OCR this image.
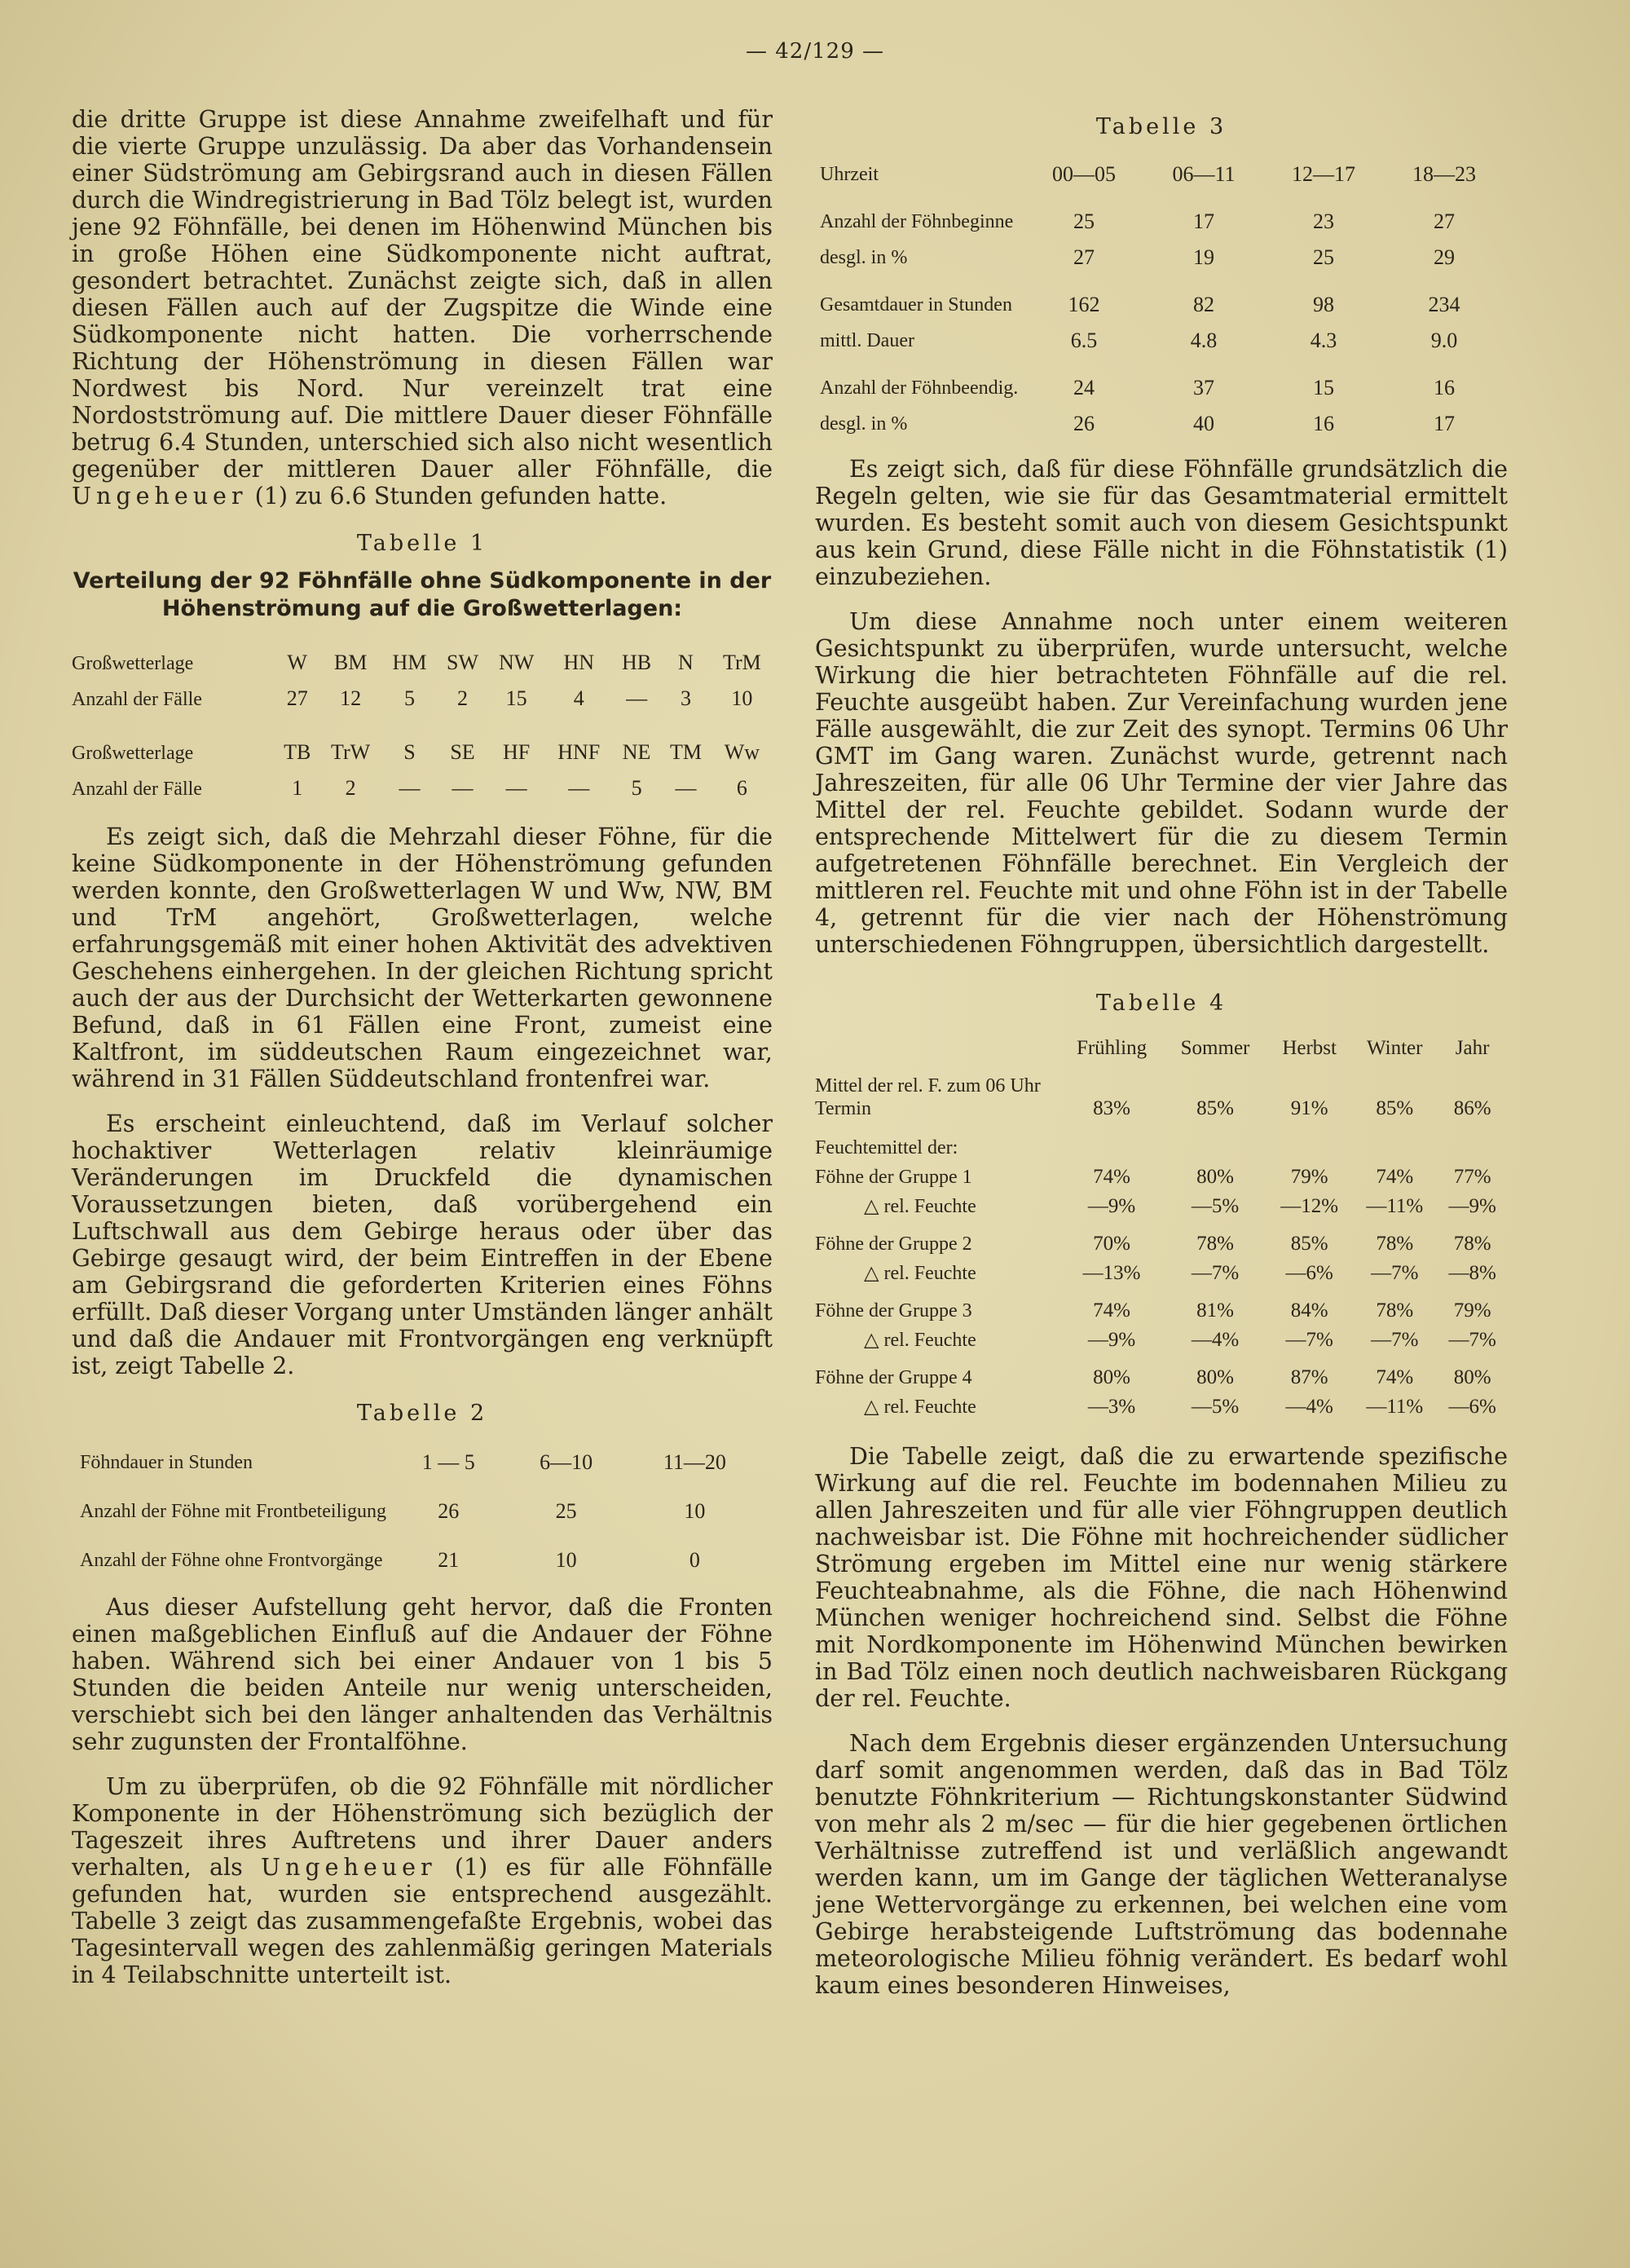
— 42/129 —

die dritte Gruppe ist diese Annahme zweifelhaft und für die vierte Gruppe unzulässig. Da aber das Vorhandensein einer Südströmung am Gebirgsrand auch in diesen Fällen durch die Windregistrierung in Bad Tölz belegt ist, wurden jene 92 Föhnfälle, bei denen im Höhenwind München bis in große Höhen eine Südkomponente nicht auftrat, gesondert betrachtet. Zunächst zeigte sich, daß in allen diesen Fällen auch auf der Zugspitze die Winde eine Südkomponente nicht hatten. Die vorherrschende Richtung der Höhenströmung in diesen Fällen war Nordwest bis Nord. Nur vereinzelt trat eine Nordostströmung auf. Die mittlere Dauer dieser Föhnfälle betrug 6.4 Stunden, unterschied sich also nicht wesentlich gegenüber der mittleren Dauer aller Föhnfälle, die Ungeheuer (1) zu 6.6 Stunden gefunden hatte.

Tabelle 1
Verteilung der 92 Föhnfälle ohne Südkomponente in der Höhenströmung auf die Großwetterlagen:
Großwetterlage	W	BM	HM	SW	NW	HN	HB	N	TrM
Anzahl der Fälle	27	12	5	2	15	4	—	3	10

Großwetterlage	TB	TrW	S	SE	HF	HNF	NE	TM	Ww
Anzahl der Fälle	1	2	—	—	—	—	5	—	6

Es zeigt sich, daß die Mehrzahl dieser Föhne, für die keine Südkomponente in der Höhenströmung gefunden werden konnte, den Großwetterlagen W und Ww, NW, BM und TrM angehört, Großwetterlagen, welche erfahrungsgemäß mit einer hohen Aktivität des advektiven Geschehens einhergehen. In der gleichen Richtung spricht auch der aus der Durchsicht der Wetterkarten gewonnene Befund, daß in 61 Fällen eine Front, zumeist eine Kaltfront, im süddeutschen Raum eingezeichnet war, während in 31 Fällen Süddeutschland frontenfrei war.

Es erscheint einleuchtend, daß im Verlauf solcher hochaktiver Wetterlagen relativ kleinräumige Veränderungen im Druckfeld die dynamischen Voraussetzungen bieten, daß vorübergehend ein Luftschwall aus dem Gebirge heraus oder über das Gebirge gesaugt wird, der beim Eintreffen in der Ebene am Gebirgsrand die geforderten Kriterien eines Föhns erfüllt. Daß dieser Vorgang unter Umständen länger anhält und daß die Andauer mit Frontvorgängen eng verknüpft ist, zeigt Tabelle 2.

Tabelle 2
Föhndauer in Stunden	1 — 5	6—10	11—20
Anzahl der Föhne mit Frontbeteiligung	26	25	10
Anzahl der Föhne ohne Frontvorgänge	21	10	0

Aus dieser Aufstellung geht hervor, daß die Fronten einen maßgeblichen Einfluß auf die Andauer der Föhne haben. Während sich bei einer Andauer von 1 bis 5 Stunden die beiden Anteile nur wenig unterscheiden, verschiebt sich bei den länger anhaltenden das Verhältnis sehr zugunsten der Frontalföhne.

Um zu überprüfen, ob die 92 Föhnfälle mit nördlicher Komponente in der Höhenströmung sich bezüglich der Tageszeit ihres Auftretens und ihrer Dauer anders verhalten, als Ungeheuer (1) es für alle Föhnfälle gefunden hat, wurden sie entsprechend ausgezählt. Tabelle 3 zeigt das zusammengefaßte Ergebnis, wobei das Tagesintervall wegen des zahlenmäßig geringen Materials in 4 Teilabschnitte unterteilt ist.

Tabelle 3
Uhrzeit	00—05	06—11	12—17	18—23
Anzahl der Föhnbeginne	25	17	23	27
desgl. in %	27	19	25	29
Gesamtdauer in Stunden	162	82	98	234
mittl. Dauer	6.5	4.8	4.3	9.0
Anzahl der Föhnbeendig.	24	37	15	16
desgl. in %	26	40	16	17

Es zeigt sich, daß für diese Föhnfälle grundsätzlich die Regeln gelten, wie sie für das Gesamtmaterial ermittelt wurden. Es besteht somit auch von diesem Gesichtspunkt aus kein Grund, diese Fälle nicht in die Föhnstatistik (1) einzubeziehen.

Um diese Annahme noch unter einem weiteren Gesichtspunkt zu überprüfen, wurde untersucht, welche Wirkung die hier betrachteten Föhnfälle auf die rel. Feuchte ausgeübt haben. Zur Vereinfachung wurden jene Fälle ausgewählt, die zur Zeit des synopt. Termins 06 Uhr GMT im Gang waren. Zunächst wurde, getrennt nach Jahreszeiten, für alle 06 Uhr Termine der vier Jahre das Mittel der rel. Feuchte gebildet. Sodann wurde der entsprechende Mittelwert für die zu diesem Termin aufgetretenen Föhnfälle berechnet. Ein Vergleich der mittleren rel. Feuchte mit und ohne Föhn ist in der Tabelle 4, getrennt für die vier nach der Höhenströmung unterschiedenen Föhngruppen, übersichtlich dargestellt.

Tabelle 4
	Frühling	Sommer	Herbst	Winter	Jahr
Mittel der rel. F. zum 06 Uhr Termin	83%	85%	91%	85%	86%
Feuchtemittel der:					
Föhne der Gruppe 1	74%	80%	79%	74%	77%
△ rel. Feuchte	—9%	—5%	—12%	—11%	—9%
Föhne der Gruppe 2	70%	78%	85%	78%	78%
△ rel. Feuchte	—13%	—7%	—6%	—7%	—8%
Föhne der Gruppe 3	74%	81%	84%	78%	79%
△ rel. Feuchte	—9%	—4%	—7%	—7%	—7%
Föhne der Gruppe 4	80%	80%	87%	74%	80%
△ rel. Feuchte	—3%	—5%	—4%	—11%	—6%

Die Tabelle zeigt, daß die zu erwartende spezifische Wirkung auf die rel. Feuchte im bodennahen Milieu zu allen Jahreszeiten und für alle vier Föhngruppen deutlich nachweisbar ist. Die Föhne mit hochreichender südlicher Strömung ergeben im Mittel eine nur wenig stärkere Feuchteabnahme, als die Föhne, die nach Höhenwind München weniger hochreichend sind. Selbst die Föhne mit Nordkomponente im Höhenwind München bewirken in Bad Tölz einen noch deutlich nachweisbaren Rückgang der rel. Feuchte.

Nach dem Ergebnis dieser ergänzenden Untersuchung darf somit angenommen werden, daß das in Bad Tölz benutzte Föhnkriterium — Richtungskonstanter Südwind von mehr als 2 m/sec — für die hier gegebenen örtlichen Verhältnisse zutreffend ist und verläßlich angewandt werden kann, um im Gange der täglichen Wetteranalyse jene Wettervorgänge zu erkennen, bei welchen eine vom Gebirge herabsteigende Luftströmung das bodennahe meteorologische Milieu föhnig verändert. Es bedarf wohl kaum eines besonderen Hinweises,
